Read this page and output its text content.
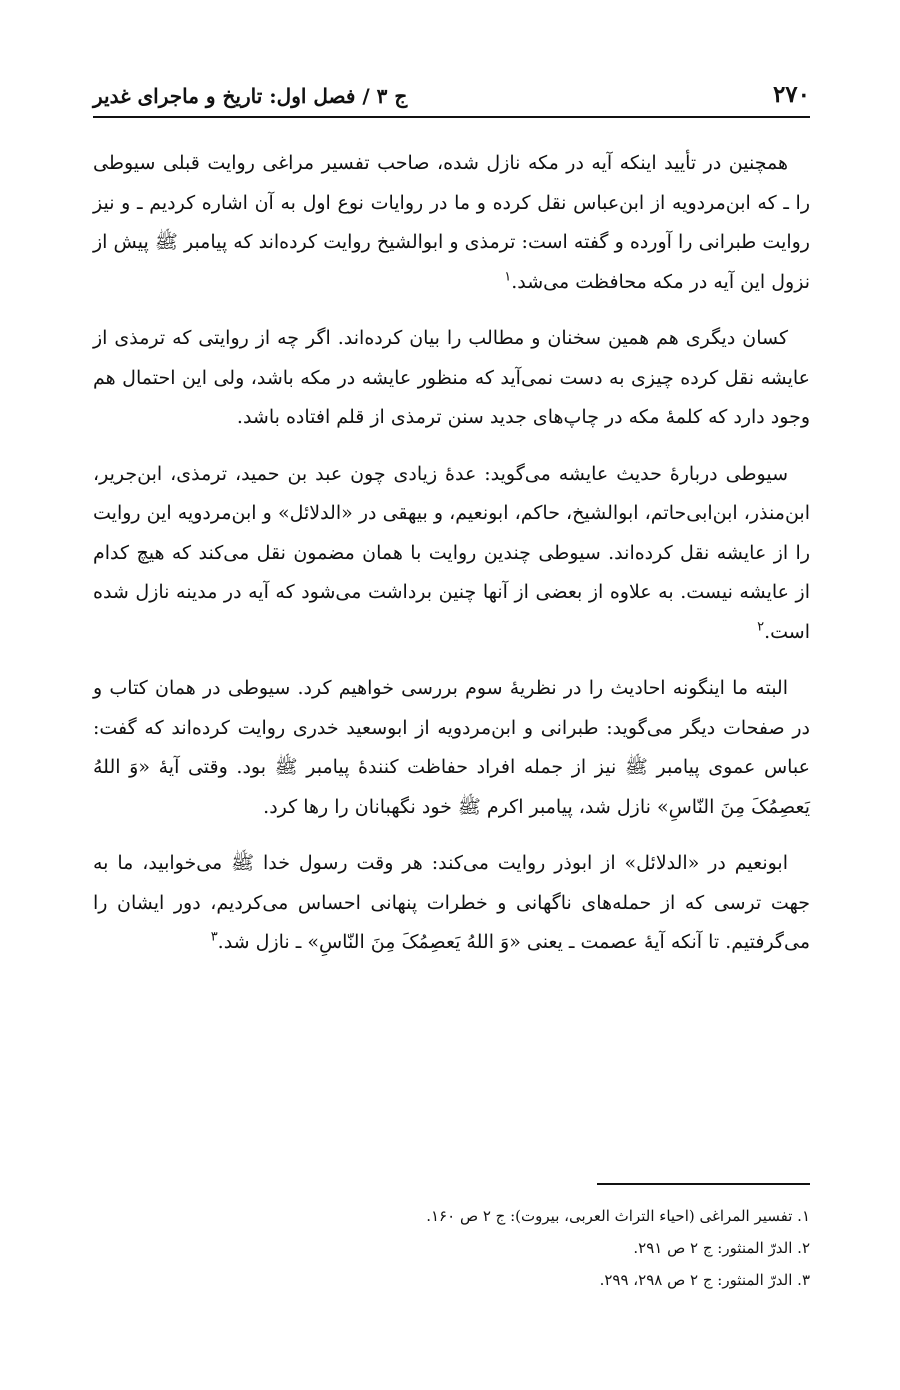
۲۷۰
ج ۳ / فصل اول: تاریخ و ماجرای غدیر

همچنین در تأیید اینکه آیه در مکه نازل شده، صاحب تفسیر مراغی روایت قبلی سیوطی را ـ که ابن‌مردویه از ابن‌عباس نقل کرده و ما در روایات نوع اول به آن اشاره کردیم ـ و نیز روایت طبرانی را آورده و گفته است: ترمذی و ابوالشیخ روایت کرده‌اند که پیامبر ﷺ پیش از نزول این آیه در مکه محافظت می‌شد.$^۱$

کسان دیگری هم همین سخنان و مطالب را بیان کرده‌اند. اگر چه از روایتی که ترمذی از عایشه نقل کرده چیزی به دست نمی‌آید که منظور عایشه در مکه باشد، ولی این احتمال هم وجود دارد که کلمهٔ مکه در چاپ‌های جدید سنن ترمذی از قلم افتاده باشد.

سیوطی دربارهٔ حدیث عایشه می‌گوید: عدهٔ زیادی چون عبد بن حمید، ترمذی، ابن‌جریر، ابن‌منذر، ابن‌ابی‌حاتم، ابوالشیخ، حاکم، ابونعیم، و بیهقی در «الدلائل» و ابن‌مردویه این روایت را از عایشه نقل کرده‌اند. سیوطی چندین روایت با همان مضمون نقل می‌کند که هیچ کدام از عایشه نیست. به علاوه از بعضی از آنها چنین برداشت می‌شود که آیه در مدینه نازل شده است.$^۲$

البته ما اینگونه احادیث را در نظریهٔ سوم بررسی خواهیم کرد. سیوطی در همان کتاب و در صفحات دیگر می‌گوید: طبرانی و ابن‌مردویه از ابوسعید خدری روایت کرده‌اند که گفت: عباس عموی پیامبر ﷺ نیز از جمله افراد حفاظت کنندهٔ پیامبر ﷺ بود. وقتی آیهٔ «وَ اللهُ یَعصِمُکَ مِنَ النّاسِ» نازل شد، پیامبر اکرم ﷺ خود نگهبانان را رها کرد.

ابونعیم در «الدلائل» از ابوذر روایت می‌کند: هر وقت رسول خدا ﷺ می‌خوابید، ما به جهت ترسی که از حمله‌های ناگهانی و خطرات پنهانی احساس می‌کردیم، دور ایشان را می‌گرفتیم. تا آنکه آیهٔ عصمت ـ یعنی «وَ اللهُ یَعصِمُکَ مِنَ النّاسِ» ـ نازل شد.$^۳$

۱. تفسیر المراغی (احیاء التراث العربی، بیروت): ج ۲ ص ۱۶۰.
۲. الدرّ المنثور: ج ۲ ص ۲۹۱.
۳. الدرّ المنثور: ج ۲ ص ۲۹۸، ۲۹۹.
